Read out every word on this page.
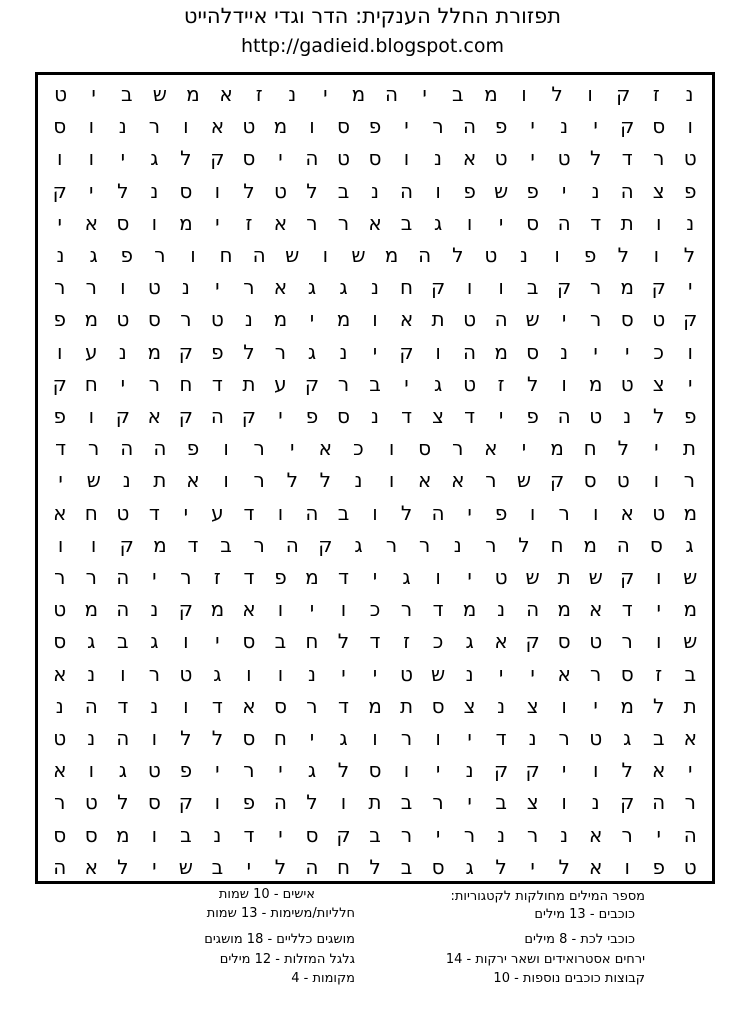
תפזורת החלל הענקית: הדר וגדי איידלהייט
http://gadieid.blogspot.com
נ
ז
ק
ו
ל
ו
מ
ב
י
ה
מ
י
נ
ז
א
מ
ש
ב
י
ט
ו
ס
ק
י
נ
י
פ
ה
ר
י
פ
ס
ו
מ
ט
א
ו
ר
נ
ו
ס
ט
ר
ד
ל
ט
י
ט
א
נ
ו
ס
ט
ה
י
ס
ק
ל
ג
י
ו
ו
פ
צ
ה
נ
י
פ
ש
פ
ו
ה
נ
ב
ל
ט
ל
ו
ס
נ
ל
י
ק
נ
ו
ת
ד
ה
ס
י
ו
ג
ב
א
ר
ר
א
ז
י
מ
ו
ס
א
י
ל
ו
ל
פ
ו
נ
ט
ל
ה
מ
ש
ו
ש
ה
ח
ו
ר
פ
ג
נ
י
ק
מ
ר
ק
ב
ו
ו
ק
ח
נ
ג
ג
א
ר
י
נ
ט
ו
ר
ר
ק
ט
ס
ר
י
ש
ה
ט
ת
א
ו
מ
י
מ
נ
ט
ר
ס
ט
מ
פ
ו
כ
י
י
נ
ס
מ
ה
ו
ק
י
נ
ג
ר
ל
פ
ק
מ
נ
ע
ו
י
צ
ט
מ
ו
ל
ז
ט
ג
י
ב
ר
ק
ע
ת
ד
ח
ר
י
ח
ק
פ
ל
נ
ט
ה
פ
י
ד
צ
ד
נ
ס
פ
י
ק
ה
ק
א
ק
ו
פ
ת
י
ל
ח
מ
י
א
ר
ס
ו
כ
א
י
ר
ו
פ
ה
ה
ר
ד
ר
ו
ט
ס
ק
ש
ר
א
א
ו
נ
ל
ל
ר
ו
א
ת
נ
ש
י
מ
ט
א
ו
ר
ו
פ
י
ה
ל
ו
ב
ה
ו
ד
ע
י
ד
ט
ח
א
ג
ס
ה
מ
ח
ל
ר
נ
ר
ר
ג
ק
ה
ר
ב
ד
מ
ק
ו
ו
ש
ו
ק
ש
ת
ש
ט
י
ו
ג
י
ד
מ
פ
ד
ז
ר
י
ה
ר
ר
מ
י
ד
א
מ
ה
נ
מ
ד
ר
כ
ו
י
ו
א
מ
ק
נ
ה
מ
ט
ש
ו
ר
ט
ס
ק
א
ג
כ
ז
ד
ל
ח
ב
ס
י
ו
ג
ב
ג
ס
ב
ז
ס
ר
א
י
י
נ
ש
ט
י
י
נ
ו
ו
ג
ט
ר
ו
נ
א
ת
ל
מ
י
ו
צ
נ
צ
ס
ת
מ
ד
ר
ס
א
ד
ו
נ
ד
ה
נ
א
ב
ג
ט
ר
נ
ד
י
ו
ר
ו
ג
י
ח
ס
ל
ל
ו
ה
נ
ט
י
א
ל
ו
י
ק
ק
נ
י
ו
ס
ל
ג
י
ר
י
פ
ט
ג
ו
א
ר
ה
ק
נ
ו
צ
ב
י
ר
ב
ת
ו
ל
ה
פ
ו
ק
ס
ל
ט
ר
ה
י
ר
א
נ
ר
נ
ר
י
ר
ב
ק
ס
י
ד
נ
ב
ו
מ
ס
ס
ט
פ
ו
א
ל
י
ל
ג
ס
ב
ל
ח
ה
ל
י
ב
ש
י
ל
א
ה
מספר המילים מחולקות לקטגוריות:
כוכבים - 13 מילים
כוכבי לכת - 8 מילים
ירחים אסטרואידים ושאר ירקות - 14
קבוצות כוכבים נוספות - 10
אישים - 10 שמות
חלליות/משימות - 13 שמות
מושגים כלליים - 18 מושגים
גלגל המזלות - 12 מילים
מקומות - 4
